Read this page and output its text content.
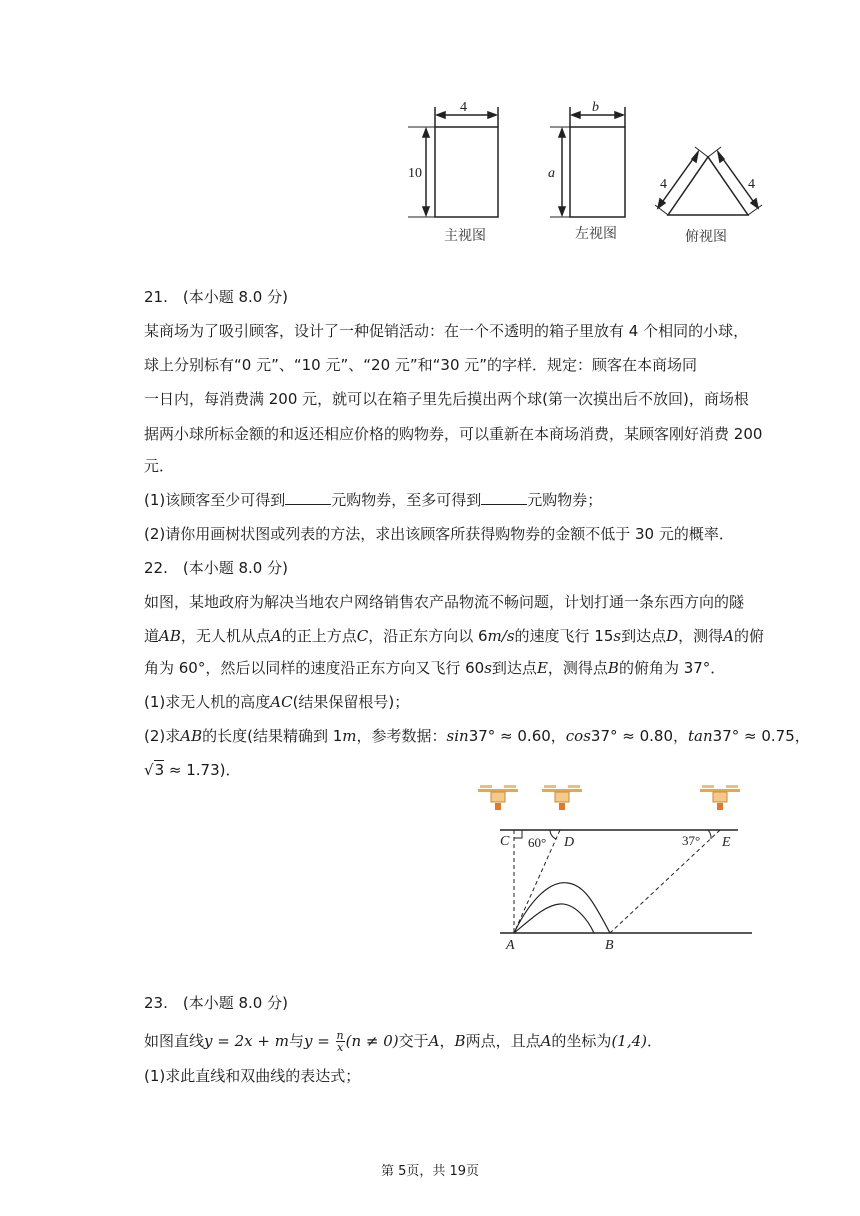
4
10
b
a
4	4
主视图	左视图	俯视图
21.　(本小题 8.0 分)
某商场为了吸引顾客，设计了一种促销活动：在一个不透明的箱子里放有 4 个相同的小球，
球上分别标有“0 元”、“10 元”、“20 元”和“30 元”的字样．规定：顾客在本商场同
一日内，每消费满 200 元，就可以在箱子里先后摸出两个球(第一次摸出后不放回)，商场根
据两小球所标金额的和返还相应价格的购物券，可以重新在本商场消费，某顾客刚好消费 200
元．
(1)该顾客至少可得到	元购物券，至多可得到	元购物券；
(2)请你用画树状图或列表的方法，求出该顾客所获得购物券的金额不低于 30 元的概率．
22.　(本小题 8.0 分)
如图，某地政府为解决当地农户网络销售农产品物流不畅问题，计划打通一条东西方向的隧
道AB，无人机从点A的正上方点C，沿正东方向以 6m/s的速度飞行 15s到达点D，测得A的俯
角为 60°，然后以同样的速度沿正东方向又飞行 60s到达点E，测得点B的俯角为 37°．
(1)求无人机的高度AC(结果保留根号)；
(2)求AB的长度(结果精确到 1m，参考数据：sin37° ≈ 0.60，cos37° ≈ 0.80，tan37° ≈ 0.75，
√3 ≈ 1.73)．
C	D	E
A	B
60°	37°
23.　(本小题 8.0 分)
如图直线y = 2x + m与$y = \frac{n}{x} (n \ne 0)$交于A，B两点，且点A的坐标为(1,4)．
(1)求此直线和双曲线的表达式；
第 5页，共 19页
